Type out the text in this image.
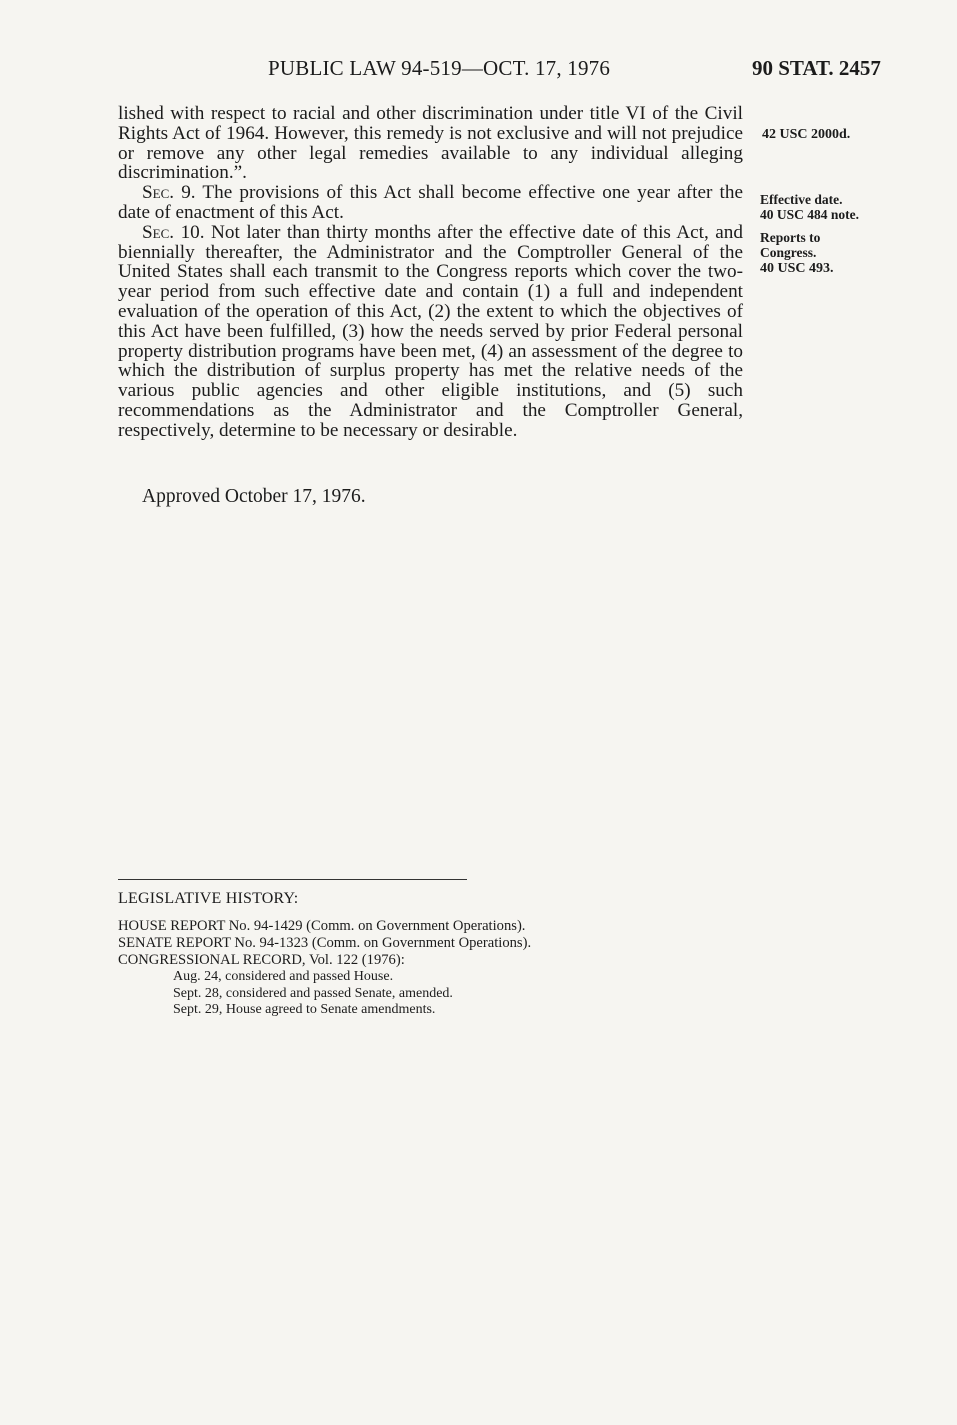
PUBLIC LAW 94-519—OCT. 17, 1976	90 STAT. 2457

lished with respect to racial and other discrimination under title VI of the Civil Rights Act of 1964. However, this remedy is not exclusive and will not prejudice or remove any other legal remedies available to any individual alleging discrimination.”.

Sec. 9. The provisions of this Act shall become effective one year after the date of enactment of this Act.

Sec. 10. Not later than thirty months after the effective date of this Act, and biennially thereafter, the Administrator and the Comptroller General of the United States shall each transmit to the Congress reports which cover the two-year period from such effective date and contain (1) a full and independent evaluation of the operation of this Act, (2) the extent to which the objectives of this Act have been fulfilled, (3) how the needs served by prior Federal personal property distribution programs have been met, (4) an assessment of the degree to which the distribution of surplus property has met the relative needs of the various public agencies and other eligible institutions, and (5) such recommendations as the Administrator and the Comptroller General, respectively, determine to be necessary or desirable.

Approved October 17, 1976.
42 USC 2000d.
Effective date.
40 USC 484 note.
Reports to
Congress.
40 USC 493.
LEGISLATIVE HISTORY:
HOUSE REPORT No. 94-1429 (Comm. on Government Operations).
SENATE REPORT No. 94-1323 (Comm. on Government Operations).
CONGRESSIONAL RECORD, Vol. 122 (1976):
Aug. 24, considered and passed House.
Sept. 28, considered and passed Senate, amended.
Sept. 29, House agreed to Senate amendments.
